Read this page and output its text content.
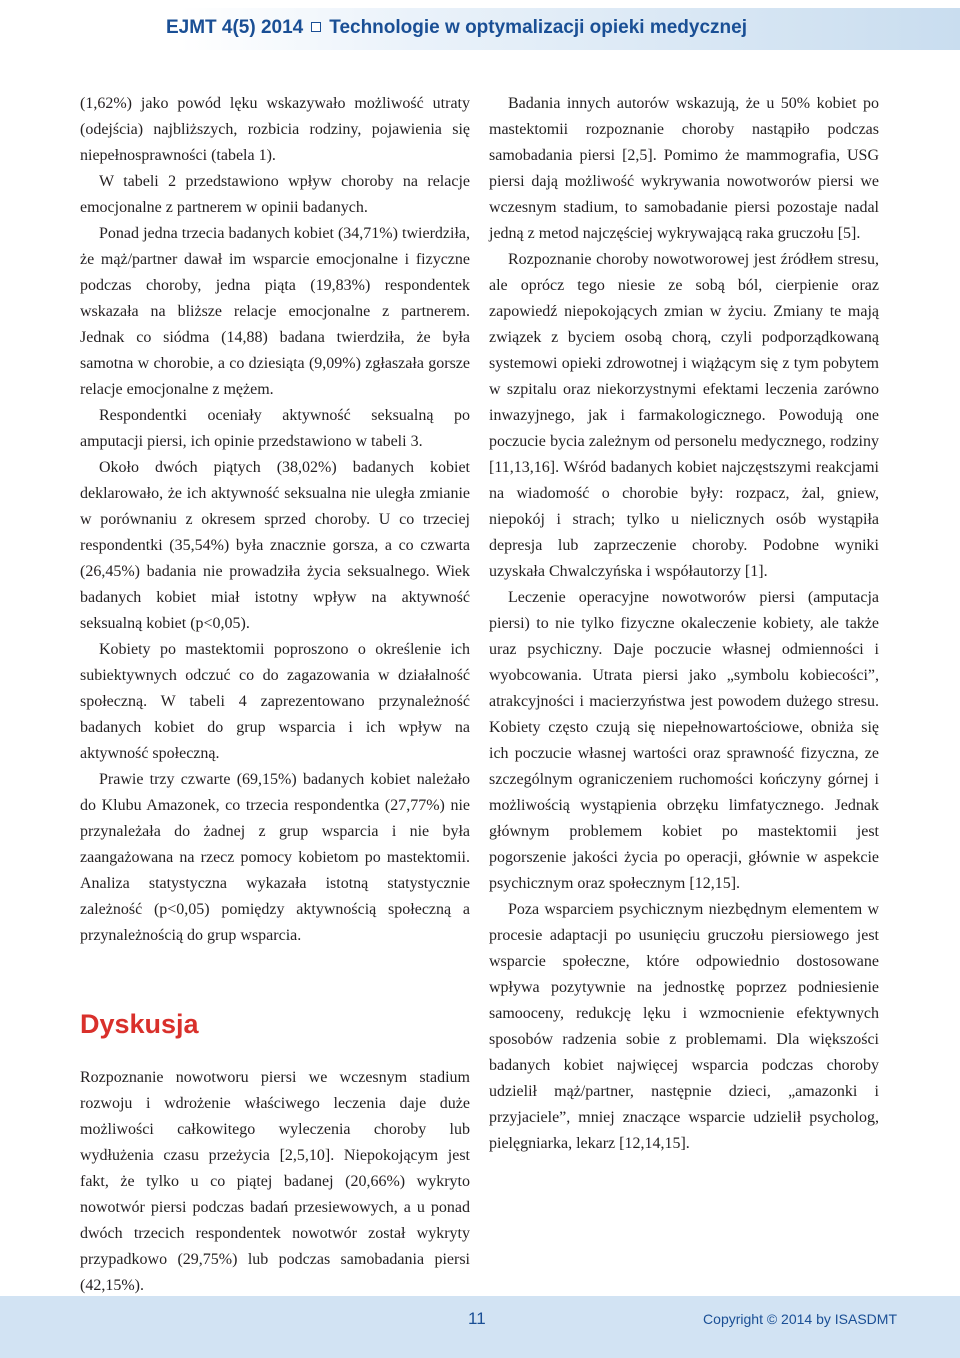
EJMT 4(5) 2014 Technologie w optymalizacji opieki medycznej

(1,62%) jako powód lęku wskazywało możliwość utraty (odejścia) najbliższych, rozbicia rodziny, pojawienia się niepełnosprawności (tabela 1).

W tabeli 2 przedstawiono wpływ choroby na relacje emocjonalne z partnerem w opinii badanych.

Ponad jedna trzecia badanych kobiet (34,71%) twierdziła, że mąż/partner dawał im wsparcie emocjonalne i fizyczne podczas choroby, jedna piąta (19,83%) respondentek wskazała na bliższe relacje emocjonalne z partnerem. Jednak co siódma (14,88) badana twierdziła, że była samotna w chorobie, a co dziesiąta (9,09%) zgłaszała gorsze relacje emocjonalne z mężem.

Respondentki oceniały aktywność seksualną po amputacji piersi, ich opinie przedstawiono w tabeli 3.

Około dwóch piątych (38,02%) badanych kobiet deklarowało, że ich aktywność seksualna nie uległa zmianie w porównaniu z okresem sprzed choroby. U co trzeciej respondentki (35,54%) była znacznie gorsza, a co czwarta (26,45%) badania nie prowadziła życia seksualnego. Wiek badanych kobiet miał istotny wpływ na aktywność seksualną kobiet (p<0,05).

Kobiety po mastektomii poproszono o określenie ich subiektywnych odczuć co do zagazowania w działalność społeczną. W tabeli 4 zaprezentowano przynależność badanych kobiet do grup wsparcia i ich wpływ na aktywność społeczną.

Prawie trzy czwarte (69,15%) badanych kobiet należało do Klubu Amazonek, co trzecia respondentka (27,77%) nie przynależała do żadnej z grup wsparcia i nie była zaangażowana na rzecz pomocy kobietom po mastektomii. Analiza statystyczna wykazała istotną statystycznie zależność (p<0,05) pomiędzy aktywnością społeczną a przynależnością do grup wsparcia.

Dyskusja

Rozpoznanie nowotworu piersi we wczesnym stadium rozwoju i wdrożenie właściwego leczenia daje duże możliwości całkowitego wyleczenia choroby lub wydłużenia czasu przeżycia [2,5,10]. Niepokojącym jest fakt, że tylko u co piątej badanej (20,66%) wykryto nowotwór piersi podczas badań przesiewowych, a u ponad dwóch trzecich respondentek nowotwór został wykryty przypadkowo (29,75%) lub podczas samobadania piersi (42,15%).

Badania innych autorów wskazują, że u 50% kobiet po mastektomii rozpoznanie choroby nastąpiło podczas samobadania piersi [2,5]. Pomimo że mammografia, USG piersi dają możliwość wykrywania nowotworów piersi we wczesnym stadium, to samobadanie piersi pozostaje nadal jedną z metod najczęściej wykrywającą raka gruczołu [5].

Rozpoznanie choroby nowotworowej jest źródłem stresu, ale oprócz tego niesie ze sobą ból, cierpienie oraz zapowiedź niepokojących zmian w życiu. Zmiany te mają związek z byciem osobą chorą, czyli podporządkowaną systemowi opieki zdrowotnej i wiążącym się z tym pobytem w szpitalu oraz niekorzystnymi efektami leczenia zarówno inwazyjnego, jak i farmakologicznego. Powodują one poczucie bycia zależnym od personelu medycznego, rodziny [11,13,16]. Wśród badanych kobiet najczęstszymi reakcjami na wiadomość o chorobie były: rozpacz, żal, gniew, niepokój i strach; tylko u nielicznych osób wystąpiła depresja lub zaprzeczenie choroby. Podobne wyniki uzyskała Chwalczyńska i współautorzy [1].

Leczenie operacyjne nowotworów piersi (amputacja piersi) to nie tylko fizyczne okaleczenie kobiety, ale także uraz psychiczny. Daje poczucie własnej odmienności i wyobcowania. Utrata piersi jako „symbolu kobiecości”, atrakcyjności i macierzyństwa jest powodem dużego stresu. Kobiety często czują się niepełnowartościowe, obniża się ich poczucie własnej wartości oraz sprawność fizyczna, ze szczególnym ograniczeniem ruchomości kończyny górnej i możliwością wystąpienia obrzęku limfatycznego. Jednak głównym problemem kobiet po mastektomii jest pogorszenie jakości życia po operacji, głównie w aspekcie psychicznym oraz społecznym [12,15].

Poza wsparciem psychicznym niezbędnym elementem w procesie adaptacji po usunięciu gruczołu piersiowego jest wsparcie społeczne, które odpowiednio dostosowane wpływa pozytywnie na jednostkę poprzez podniesienie samooceny, redukcję lęku i wzmocnienie efektywnych sposobów radzenia sobie z problemami. Dla większości badanych kobiet najwięcej wsparcia podczas choroby udzielił mąż/partner, następnie dzieci, „amazonki i przyjaciele”, mniej znaczące wsparcie udzielił psycholog, pielęgniarka, lekarz [12,14,15].

11	Copyright © 2014 by ISASDMT
